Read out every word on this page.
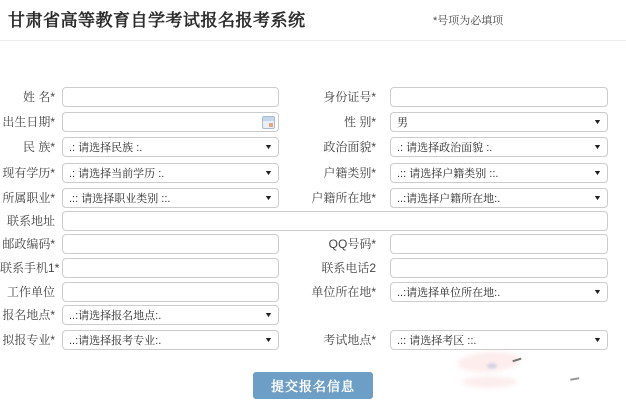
甘肃省高等教育自学考试报名报考系统	*号项为必填项
姓 名*	身份证号*
出生日期*	性 别* 男	▼
民 族* .: 请选择民族 :.	▼	政治面貌* .: 请选择政治面貌 :.	▼
现有学历* .: 请选择当前学历 :.	▼	户籍类别* .:: 请选择户籍类别 ::.	▼
所属职业* .:: 请选择职业类别 ::.	▼	户籍所在地* ..:请选择户籍所在地:.	▼
联系地址
邮政编码*	QQ号码*
联系手机1*	联系电话2
工作单位	单位所在地* ..:请选择单位所在地:.	▼
报名地点* ..:请选择报名地点:.	▼
拟报专业* ..:请选择报考专业:.	▼	考试地点* .:: 请选择考区 ::.	▼
提交报名信息
